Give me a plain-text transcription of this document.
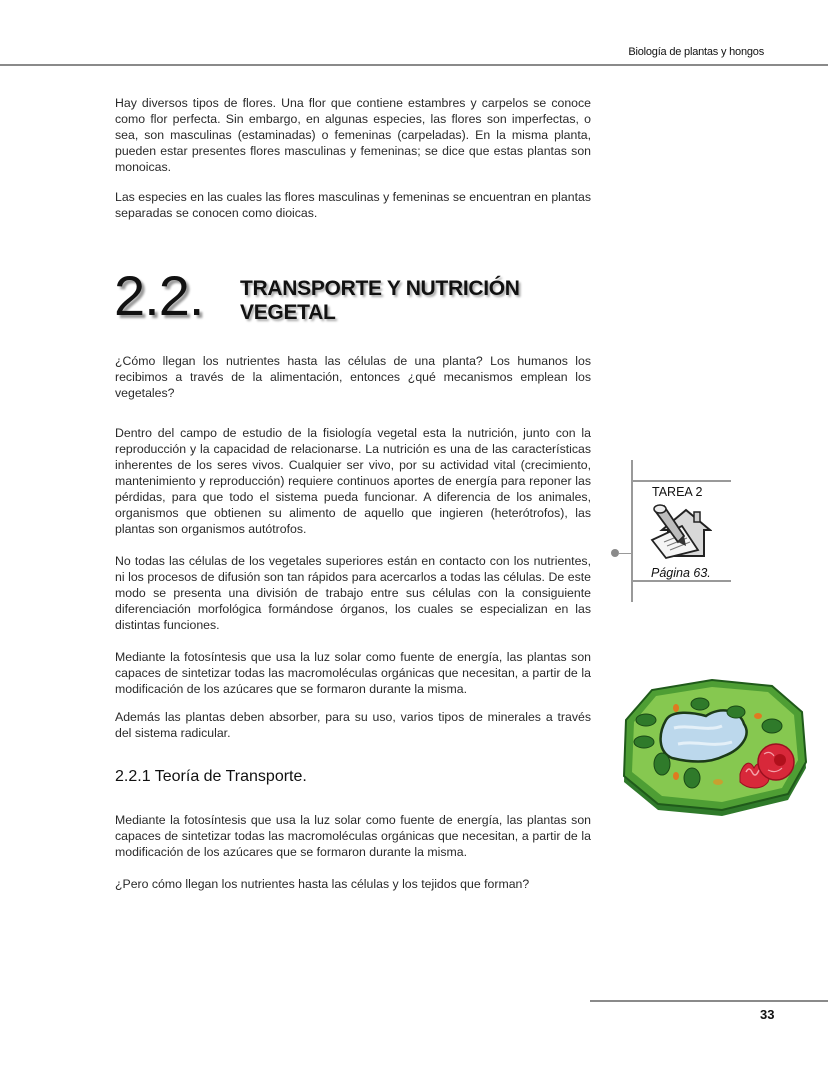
Biología de plantas y hongos

Hay diversos tipos de flores. Una flor que contiene estambres y carpelos se conoce como flor perfecta. Sin embargo, en algunas especies, las flores son imperfectas, o sea, son masculinas (estaminadas) o femeninas (carpeladas). En la misma planta, pueden estar presentes flores masculinas y femeninas; se dice que estas plantas son monoicas.

Las especies en las cuales las flores masculinas y femeninas se encuentran en plantas separadas se conocen como dioicas.

2.2. TRANSPORTE Y NUTRICIÓN
VEGETAL

¿Cómo llegan los nutrientes hasta las células de una planta? Los humanos los recibimos a través de la alimentación, entonces ¿qué mecanismos emplean los vegetales?

Dentro del campo de estudio de la fisiología vegetal esta la nutrición, junto con la reproducción y la capacidad de relacionarse. La nutrición es una de las características inherentes de los seres vivos. Cualquier ser vivo, por su actividad vital (crecimiento, mantenimiento y reproducción) requiere continuos aportes de energía para reponer las pérdidas, para que todo el sistema pueda funcionar. A diferencia de los animales, organismos que obtienen su alimento de aquello que ingieren (heterótrofos), las plantas son organismos autótrofos.

No todas las células de los vegetales superiores están en contacto con los nutrientes, ni los procesos de difusión son tan rápidos para acercarlos a todas las células. De este modo se presenta una división de trabajo entre sus células con la consiguiente diferenciación morfológica formándose órganos, los cuales se especializan en las distintas funciones.

Mediante la fotosíntesis que usa la luz solar como fuente de energía, las plantas son capaces de sintetizar todas las macromoléculas orgánicas que necesitan, a partir de la modificación de los azúcares que se formaron durante la misma.

Además las plantas deben absorber, para su uso, varios tipos de minerales a través del sistema radicular.

2.2.1 Teoría de Transporte.

Mediante la fotosíntesis que usa la luz solar como fuente de energía, las plantas son capaces de sintetizar todas las macromoléculas orgánicas que necesitan, a partir de la modificación de los azúcares que se formaron durante la misma.

¿Pero cómo llegan los nutrientes hasta las células y los tejidos que forman?

TAREA 2
Página 63.
33
